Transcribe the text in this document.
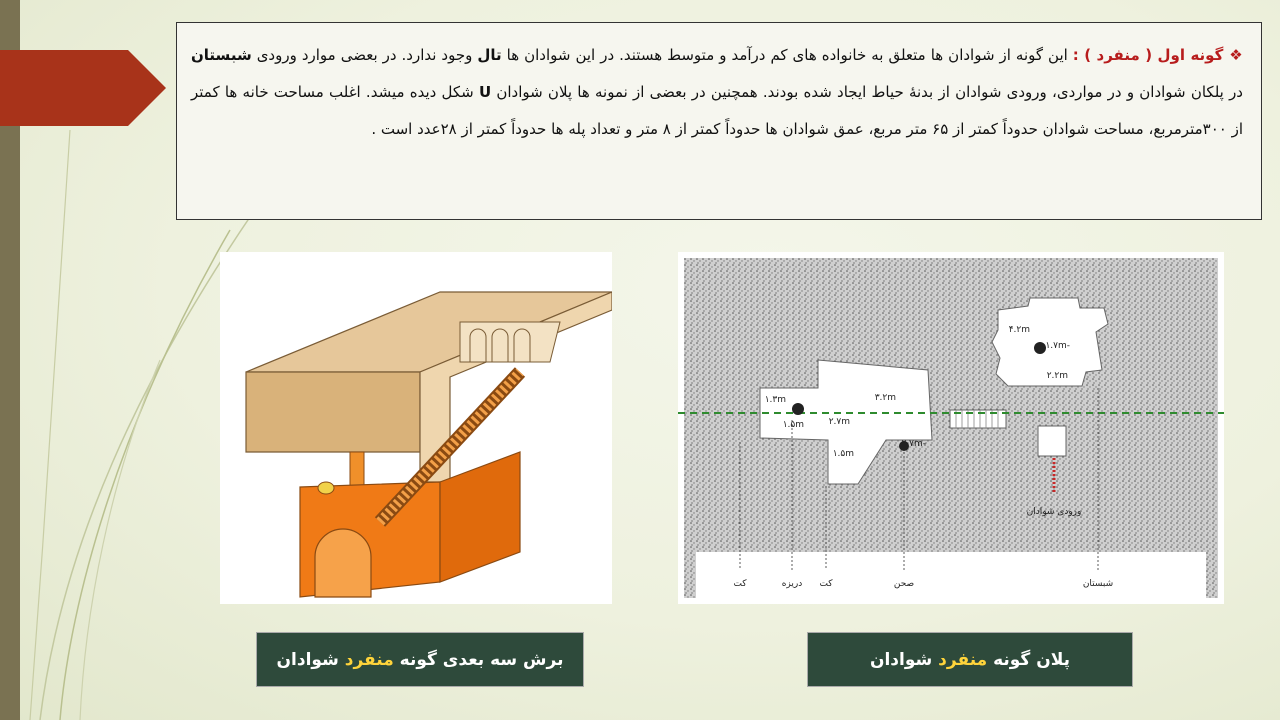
❖گونه اول ( منفرد ) : این گونه از شوادان ها متعلق به خانواده های کم درآمد و متوسط هستند. در این شوادان ها تال وجود ندارد. در بعضی موارد ورودی شبستان در پلکان شوادان و در مواردی، ورودی شوادان از بدنهٔ حیاط ایجاد شده بودند. همچنین در بعضی از نمونه ها پلان شوادان U شکل دیده میشد. اغلب مساحت خانه ها کمتر از ۳۰۰مترمربع، مساحت شوادان حدوداً کمتر از ۶۵ متر مربع، عمق شوادان ها حدوداً کمتر از ۸ متر و تعداد پله ها حدوداً کمتر از ۲۸عدد است .
۴.۲m
-۱.۷m
۲.۲m
۳.۲m
۲.۷m
۱.۳m
۱.۵m
۱.۵m
-۲.۷m
ورودی شوادان
کت	دریزه کت	صحن	شبستان
برش سه بعدی گونه

منفرد

شوادان	پلان گونه

منفرد

شوادان
